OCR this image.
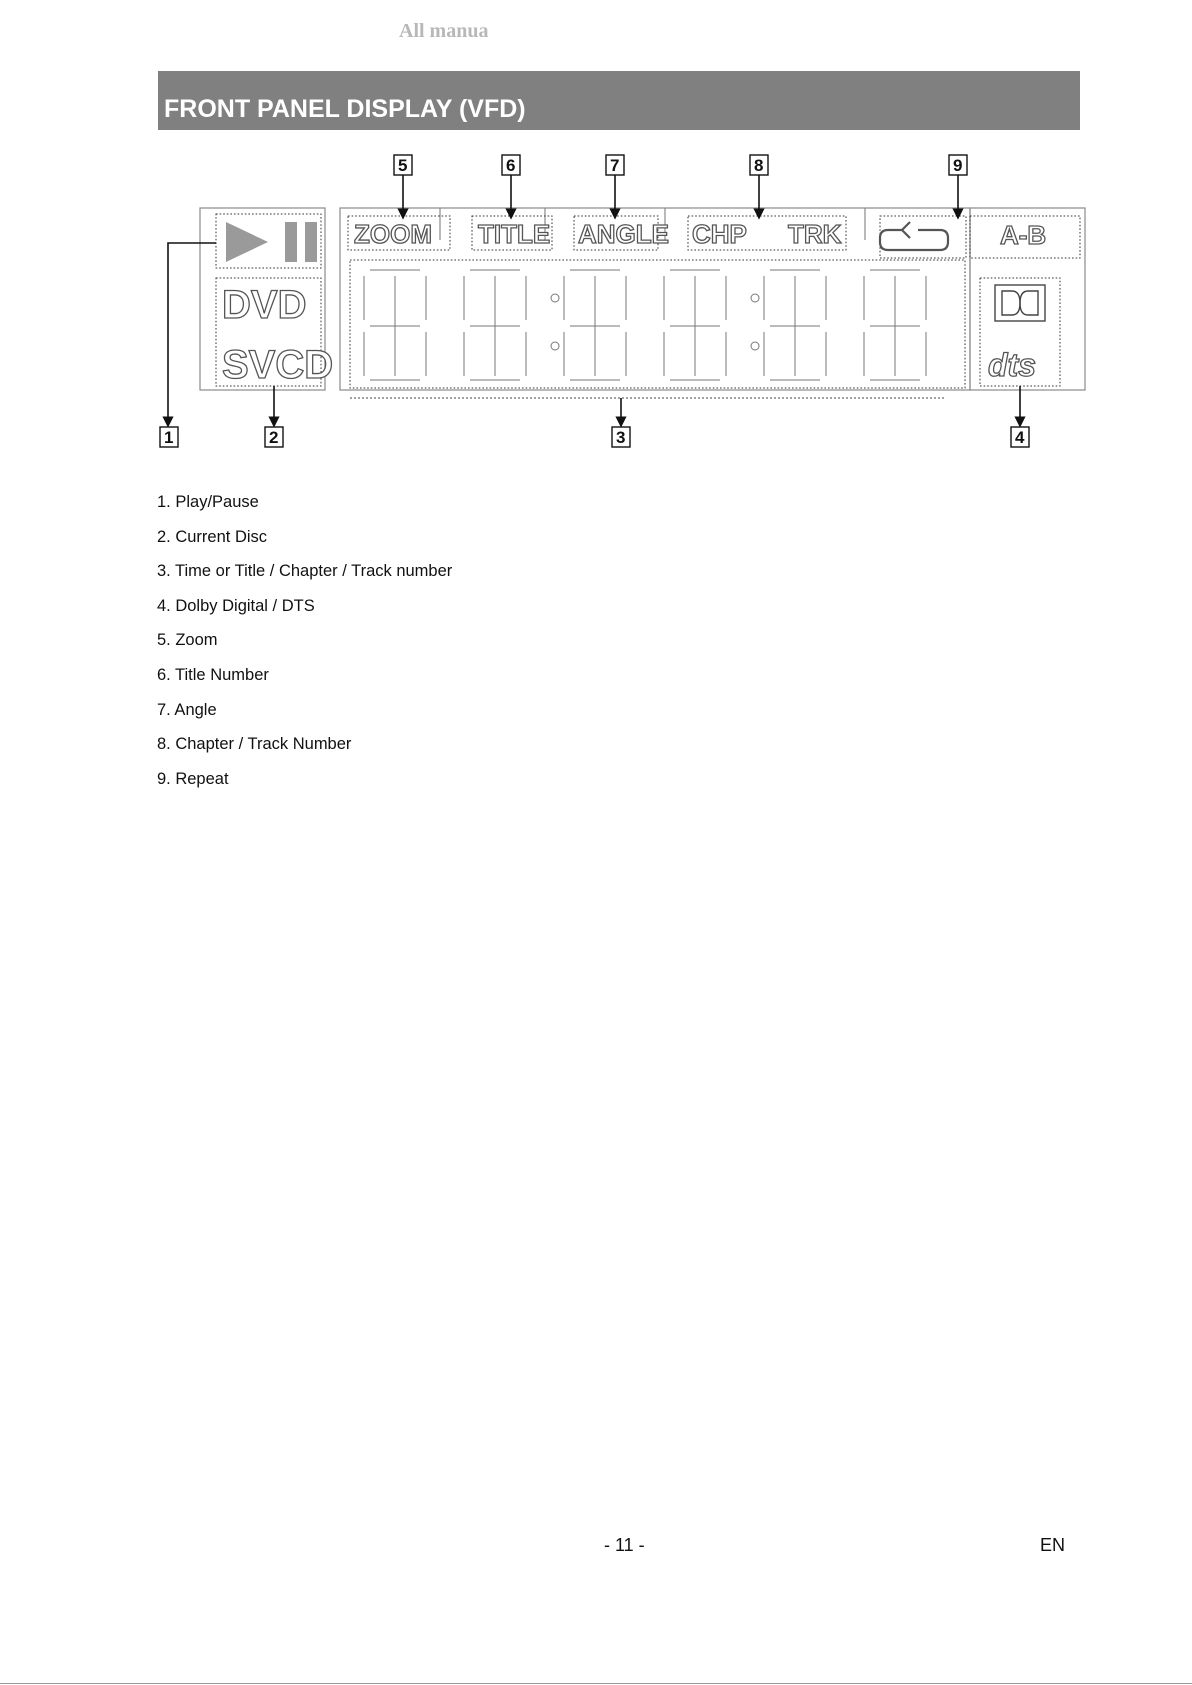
All manua
FRONT PANEL DISPLAY (VFD)
DVD
SVCD
ZOOM TITLE ANGLE CHP TRK	A-B
dts
5	6	7	8	9
1	2	3	4
1. Play/Pause
2. Current Disc
3. Time or Title / Chapter / Track number
4. Dolby Digital / DTS
5. Zoom
6. Title Number
7. Angle
8. Chapter / Track Number
9. Repeat
- 11 -	EN
